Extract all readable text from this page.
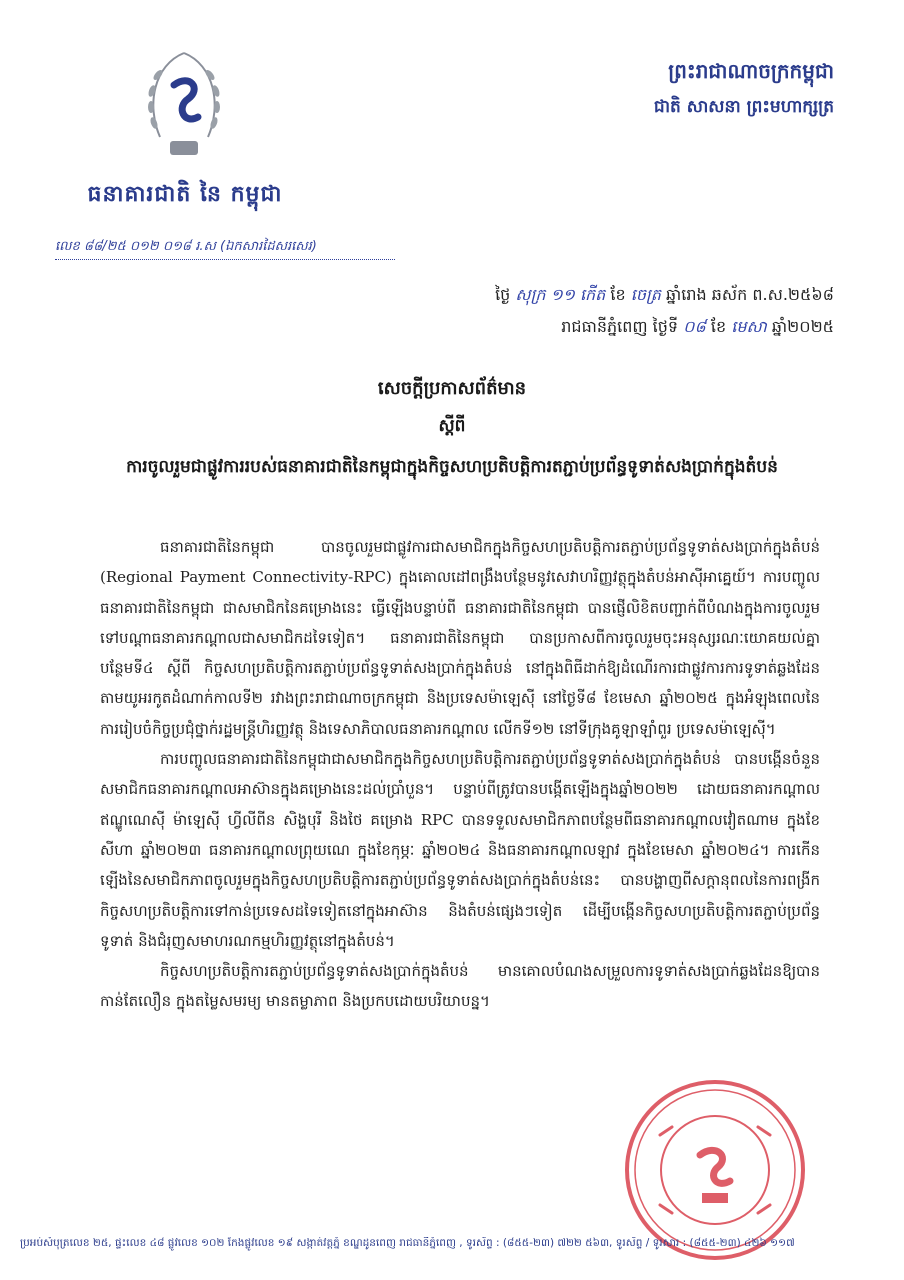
ធនាគារជាតិ នៃ កម្ពុជា
លេខ ៨៨/២៥ ០១២ ០១៨ រ.ស (ឯកសារដៃសរសេរ)
ព្រះរាជាណាចក្រកម្ពុជា
ជាតិ សាសនា ព្រះមហាក្សត្រ
ថ្ងៃ សុក្រ ១១ កើត ខែ ចេត្រ ឆ្នាំរោង ឆស័ក ព.ស.២៥៦៨
រាជធានីភ្នំពេញ ថ្ងៃទី ០៨ ខែ មេសា ឆ្នាំ២០២៥
សេចក្តីប្រកាសព័ត៌មាន
ស្តីពី
ការចូលរួមជាផ្លូវការរបស់ធនាគារជាតិនៃកម្ពុជាក្នុងកិច្ចសហប្រតិបត្តិការតភ្ជាប់ប្រព័ន្ធទូទាត់សងប្រាក់ក្នុងតំបន់

ធនាគារជាតិនៃកម្ពុជា បានចូលរួមជាផ្លូវការជាសមាជិកក្នុងកិច្ចសហប្រតិបត្តិការតភ្ជាប់ប្រព័ន្ធទូទាត់សងប្រាក់ក្នុងតំបន់ (Regional Payment Connectivity-RPC) ក្នុងគោលដៅពង្រឹងបន្ថែមនូវសេវាហរិញ្ញវត្ថុក្នុងតំបន់អាស៊ីអាគ្នេយ៍។ ការបញ្ចូល ធនាគារជាតិនៃកម្ពុជា ជាសមាជិកនៃគម្រោងនេះ ធ្វើឡើងបន្ទាប់ពី ធនាគារជាតិនៃកម្ពុជា បានផ្ញើលិខិតបញ្ជាក់ពីបំណងក្នុងការចូលរួមទៅបណ្តាធនាគារកណ្តាលជាសមាជិកដទៃទៀត។ ធនាគារជាតិនៃកម្ពុជា បានប្រកាសពីការចូលរួមចុះអនុស្សរណៈយោគយល់គ្នាបន្ថែមទី៤ ស្តីពី កិច្ចសហប្រតិបត្តិការតភ្ជាប់ប្រព័ន្ធទូទាត់សងប្រាក់ក្នុងតំបន់ នៅក្នុងពិធីដាក់ឱ្យដំណើរការជាផ្លូវការការទូទាត់ឆ្លងដែនតាមយូអរកូតដំណាក់កាលទី២ រវាងព្រះរាជាណាចក្រកម្ពុជា និងប្រទេសម៉ាឡេស៊ី នៅថ្ងៃទី៨ ខែមេសា ឆ្នាំ២០២៥ ក្នុងអំឡុងពេលនៃការរៀបចំកិច្ចប្រជុំថ្នាក់រដ្ឋមន្ត្រីហិរញ្ញវត្ថុ និងទេសាភិបាលធនាគារកណ្តាល លើកទី១២ នៅទីក្រុងគូឡាឡាំពួរ ប្រទេសម៉ាឡេស៊ី។

ការបញ្ចូលធនាគារជាតិនៃកម្ពុជាជាសមាជិកក្នុងកិច្ចសហប្រតិបត្តិការតភ្ជាប់ប្រព័ន្ធទូទាត់សងប្រាក់ក្នុងតំបន់ បានបង្កើនចំនួនសមាជិកធនាគារកណ្តាលអាស៊ានក្នុងគម្រោងនេះដល់ប្រាំបួន។ បន្ទាប់ពីត្រូវបានបង្កើតឡើងក្នុងឆ្នាំ២០២២ ដោយធនាគារកណ្តាលឥណ្ឌូណេស៊ី ម៉ាឡេស៊ី ហ្វីលីពីន សិង្ហបុរី និងថៃ គម្រោង RPC បានទទួលសមាជិកភាពបន្ថែមពីធនាគារកណ្តាលវៀតណាម ក្នុងខែសីហា ឆ្នាំ២០២៣ ធនាគារកណ្តាលព្រុយណេ ក្នុងខែកុម្ភៈ ឆ្នាំ២០២៤ និងធនាគារកណ្តាលឡាវ ក្នុងខែមេសា ឆ្នាំ២០២៤។ ការកើនឡើងនៃសមាជិកភាពចូលរួមក្នុងកិច្ចសហប្រតិបត្តិការតភ្ជាប់ប្រព័ន្ធទូទាត់សងប្រាក់ក្នុងតំបន់នេះ បានបង្ហាញពីសក្តានុពលនៃការពង្រីកកិច្ចសហប្រតិបត្តិការទៅកាន់ប្រទេសដទៃទៀតនៅក្នុងអាស៊ាន និងតំបន់ផ្សេងៗទៀត ដើម្បីបង្កើនកិច្ចសហប្រតិបត្តិការតភ្ជាប់ប្រព័ន្ធទូទាត់ និងជំរុញសមាហរណកម្មហិរញ្ញវត្ថុនៅក្នុងតំបន់។

កិច្ចសហប្រតិបត្តិការតភ្ជាប់ប្រព័ន្ធទូទាត់សងប្រាក់ក្នុងតំបន់ មានគោលបំណងសម្រួលការទូទាត់សងប្រាក់ឆ្លងដែនឱ្យបានកាន់តែលឿន ក្នុងតម្លៃសមរម្យ មានតម្លាភាព និងប្រកបដោយបរិយាបន្ន។

ប្រអប់សំបុត្រលេខ ២៥, ផ្ទះលេខ ៤៨ ផ្លូវលេខ ១០២ កែងផ្លូវលេខ ១៩ សង្កាត់វត្តភ្នំ ខណ្ឌដូនពេញ រាជធានីភ្នំពេញ , ទូរស័ព្ទ : (៨៥៥-២៣) ៧២២ ៥៦៣, ទូរស័ព្ទ / ទូរសារ : (៨៥៥-២៣) ៤២៦ ១១៧
